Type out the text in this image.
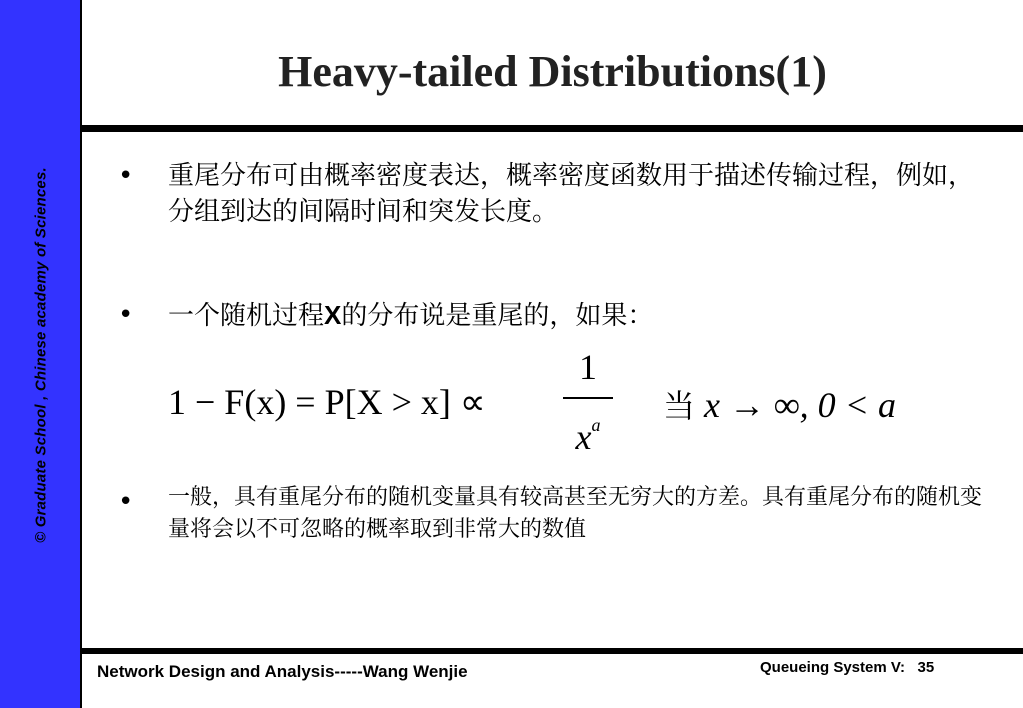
© Graduate School , Chinese academy of Sciences.
Heavy-tailed Distributions(1)
• 重尾分布可由概率密度表达，概率密度函数用于描述传输过程，例如，分组到达的间隔时间和突发长度。
• 一个随机过程X的分布说是重尾的，如果：
1 − F(x) = P[X > x] ∝
1
$x^a$	当 x → ∞, 0 < a
• 一般，具有重尾分布的随机变量具有较高甚至无穷大的方差。具有重尾分布的随机变量将会以不可忽略的概率取到非常大的数值
Network Design and Analysis-----Wang Wenjie	Queueing System V:   35
